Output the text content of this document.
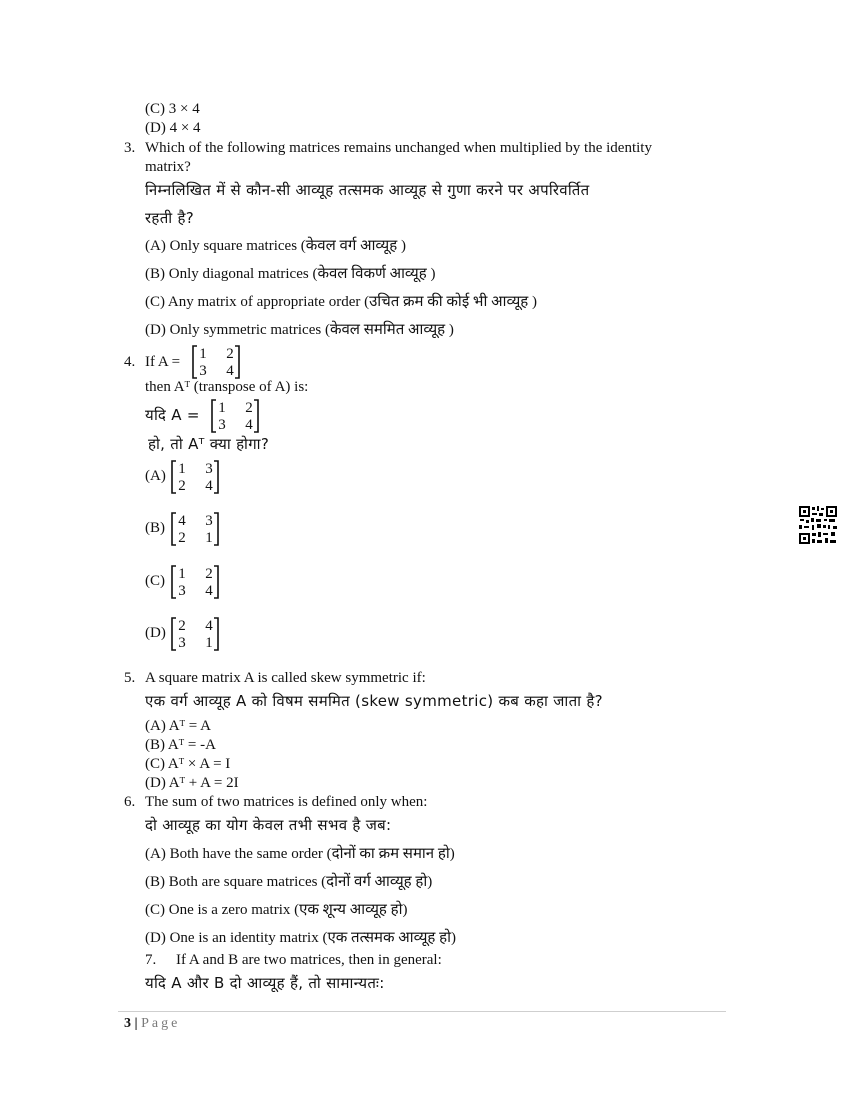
(C) 3 × 4
(D) 4 × 4
3. Which of the following matrices remains unchanged when multiplied by the identity
matrix?
निम्नलिखित में से कौन-सी आव्यूह तत्समक आव्यूह से गुणा करने पर अपरिवर्तित
रहती है?
(A) Only square matrices (केवल वर्ग आव्यूह )
(B) Only diagonal matrices (केवल विकर्ण आव्यूह )
(C) Any matrix of appropriate order (उचित क्रम की कोई भी आव्यूह )
(D) Only symmetric matrices (केवल सममित आव्यूह )
4. If A = 1 2
3 4
then Aᵀ (transpose of A) is:
यदि A = 1 2
3 4
हो, तो Aᵀ क्या होगा?
(A) 1 3
2 4
(B) 4 3
2 1
(C) 1 2
3 4
(D) 2 4
3 1
5. A square matrix A is called skew symmetric if:
एक वर्ग आव्यूह A को विषम सममित (skew symmetric) कब कहा जाता है?
(A) Aᵀ = A
(B) Aᵀ = -A
(C) Aᵀ × A = I
(D) Aᵀ + A = 2I
6. The sum of two matrices is defined only when:
दो आव्यूह का योग केवल तभी सभव है जब:
(A) Both have the same order (दोनों का क्रम समान हो)
(B) Both are square matrices (दोनों वर्ग आव्यूह हो)
(C) One is a zero matrix (एक शून्य आव्यूह हो)
(D) One is an identity matrix (एक तत्समक आव्यूह हो)
7. If A and B are two matrices, then in general:
यदि A और B दो आव्यूह हैं, तो सामान्यतः:
3 | Page
